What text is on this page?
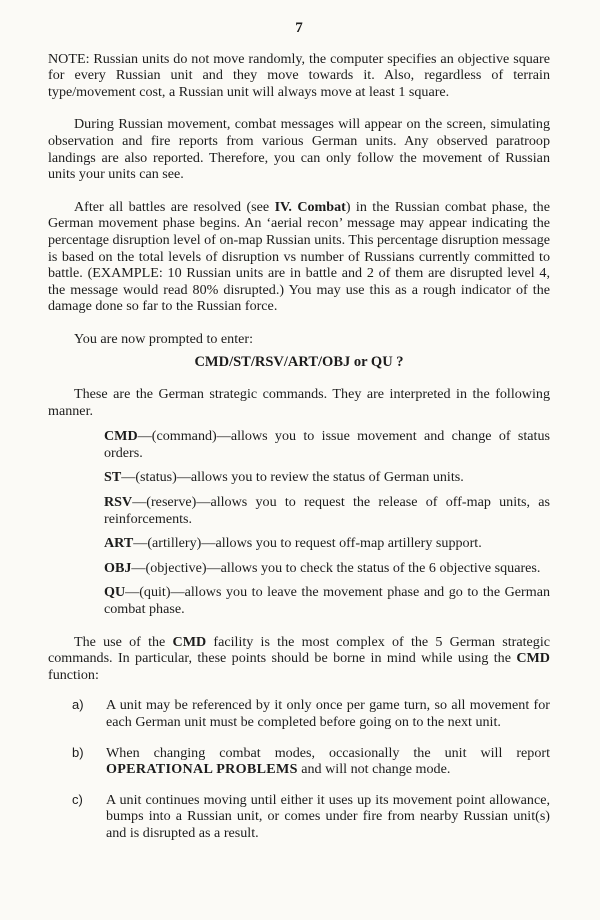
7

NOTE: Russian units do not move randomly, the computer specifies an objective square for every Russian unit and they move towards it. Also, regardless of terrain type/movement cost, a Russian unit will always move at least 1 square.

During Russian movement, combat messages will appear on the screen, simulating observation and fire reports from various German units. Any observed paratroop landings are also reported. Therefore, you can only follow the movement of Russian units your units can see.

After all battles are resolved (see IV. Combat) in the Russian combat phase, the German movement phase begins. An ‘aerial recon’ message may appear indicating the percentage disruption level of on-map Russian units. This percentage disruption message is based on the total levels of disruption vs number of Russians currently committed to battle. (EXAMPLE: 10 Russian units are in battle and 2 of them are disrupted level 4, the message would read 80% disrupted.) You may use this as a rough indicator of the damage done so far to the Russian force.

You are now prompted to enter:

CMD/ST/RSV/ART/OBJ or QU ?

These are the German strategic commands. They are interpreted in the following manner.

CMD—(command)—allows you to issue movement and change of status orders.

ST—(status)—allows you to review the status of German units.

RSV—(reserve)—allows you to request the release of off-map units, as reinforcements.

ART—(artillery)—allows you to request off-map artillery support.

OBJ—(objective)—allows you to check the status of the 6 objective squares.

QU—(quit)—allows you to leave the movement phase and go to the German combat phase.

The use of the CMD facility is the most complex of the 5 German strategic commands. In particular, these points should be borne in mind while using the CMD function:

a) A unit may be referenced by it only once per game turn, so all movement for each German unit must be completed before going on to the next unit.
b) When changing combat modes, occasionally the unit will report OPERATIONAL PROBLEMS and will not change mode.
c) A unit continues moving until either it uses up its movement point allowance, bumps into a Russian unit, or comes under fire from nearby Russian unit(s) and is disrupted as a result.
